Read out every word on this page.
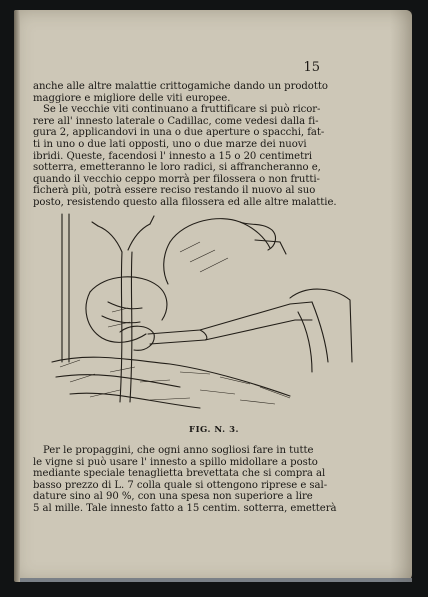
15

anche alle altre malattie crittogamiche dando un prodotto

maggiore e migliore delle viti europee.

Se le vecchie viti continuano a fruttificare si può ricor-

rere all' innesto laterale o Cadillac, come vedesi dalla fi-

gura 2, applicandovi in una o due aperture o spacchi, fat-

ti in uno o due lati opposti, uno o due marze dei nuovi

ibridi. Queste, facendosi l' innesto a 15 o 20 centimetri

sotterra, emetteranno le loro radici, si affrancheranno e,

quando il vecchio ceppo morrà per filossera o non frutti-

ficherà più, potrà essere reciso restando il nuovo al suo

posto, resistendo questo alla filossera ed alle altre malattie.

FIG. N. 3.

Per le propaggini, che ogni anno sogliosi fare in tutte

le vigne si può usare l' innesto a spillo midollare a posto

mediante speciale tenaglietta brevettata che si compra al

basso prezzo di L. 7 colla quale si ottengono riprese e sal-

dature sino al 90 %, con una spesa non superiore a lire

5 al mille. Tale innesto fatto a 15 centim. sotterra, emetterà
